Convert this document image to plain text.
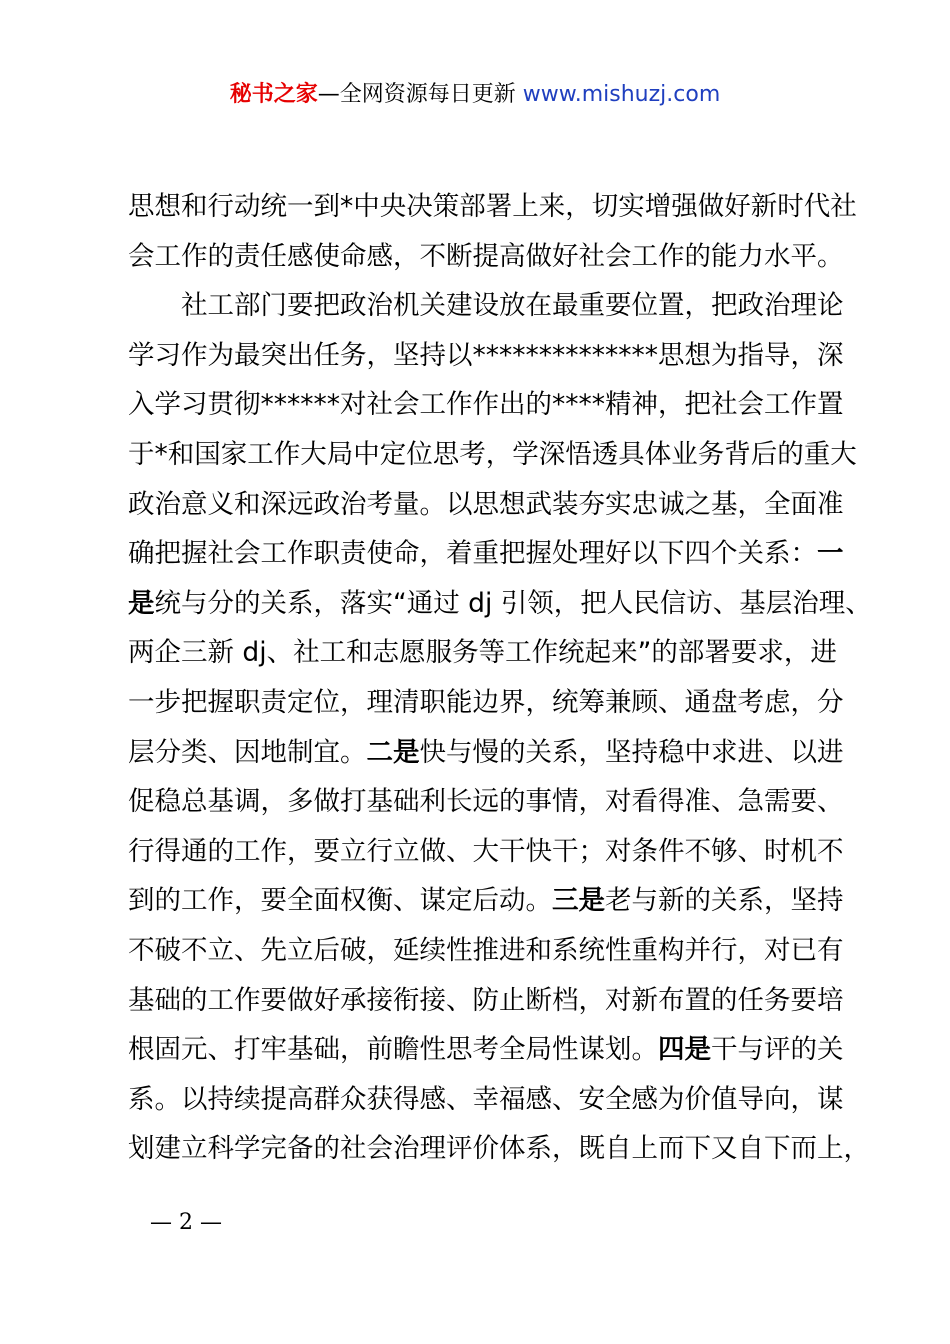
秘书之家—全网资源每日更新 www.mishuzj.com
思想和行动统一到*中央决策部署上来，切实增强做好新时代社
会工作的责任感使命感，不断提高做好社会工作的能力水平。
社工部门要把政治机关建设放在最重要位置，把政治理论
学习作为最突出任务，坚持以**************思想为指导，深
入学习贯彻******对社会工作作出的****精神，把社会工作置
于*和国家工作大局中定位思考，学深悟透具体业务背后的重大
政治意义和深远政治考量。以思想武装夯实忠诚之基，全面准
确把握社会工作职责使命，着重把握处理好以下四个关系：一
是统与分的关系，落实“通过 dj 引领，把人民信访、基层治理、
两企三新 dj、社工和志愿服务等工作统起来”的部署要求，进
一步把握职责定位，理清职能边界，统筹兼顾、通盘考虑，分
层分类、因地制宜。二是快与慢的关系，坚持稳中求进、以进
促稳总基调，多做打基础利长远的事情，对看得准、急需要、
行得通的工作，要立行立做、大干快干；对条件不够、时机不
到的工作，要全面权衡、谋定后动。三是老与新的关系，坚持
不破不立、先立后破，延续性推进和系统性重构并行，对已有
基础的工作要做好承接衔接、防止断档，对新布置的任务要培
根固元、打牢基础，前瞻性思考全局性谋划。四是干与评的关
系。以持续提高群众获得感、幸福感、安全感为价值导向，谋
划建立科学完备的社会治理评价体系，既自上而下又自下而上，
— 2 —
